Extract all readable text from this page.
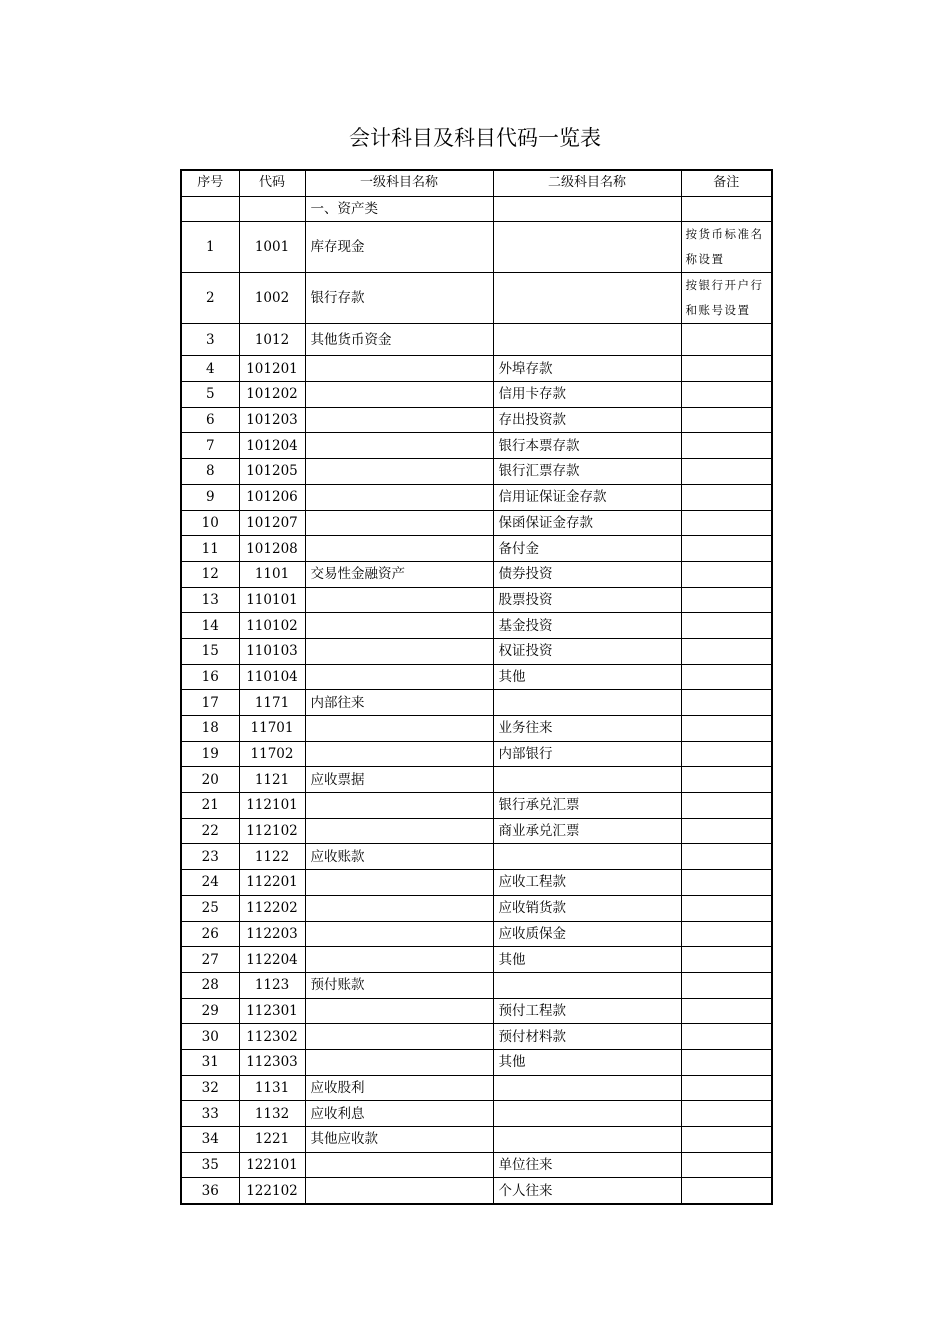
会计科目及科目代码一览表
序号	代码	一级科目名称	二级科目名称	备注
		一、资产类		
1	1001	库存现金		按货币标准名称设置
2	1002	银行存款		按银行开户行和账号设置
3	1012	其他货币资金		
4	101201		外埠存款	
5	101202		信用卡存款	
6	101203		存出投资款	
7	101204		银行本票存款	
8	101205		银行汇票存款	
9	101206		信用证保证金存款	
10	101207		保函保证金存款	
11	101208		备付金	
12	1101	交易性金融资产	债券投资	
13	110101		股票投资	
14	110102		基金投资	
15	110103		权证投资	
16	110104		其他	
17	1171	内部往来		
18	11701		业务往来	
19	11702		内部银行	
20	1121	应收票据		
21	112101		银行承兑汇票	
22	112102		商业承兑汇票	
23	1122	应收账款		
24	112201		应收工程款	
25	112202		应收销货款	
26	112203		应收质保金	
27	112204		其他	
28	1123	预付账款		
29	112301		预付工程款	
30	112302		预付材料款	
31	112303		其他	
32	1131	应收股利		
33	1132	应收利息		
34	1221	其他应收款		
35	122101		单位往来	
36	122102		个人往来	
